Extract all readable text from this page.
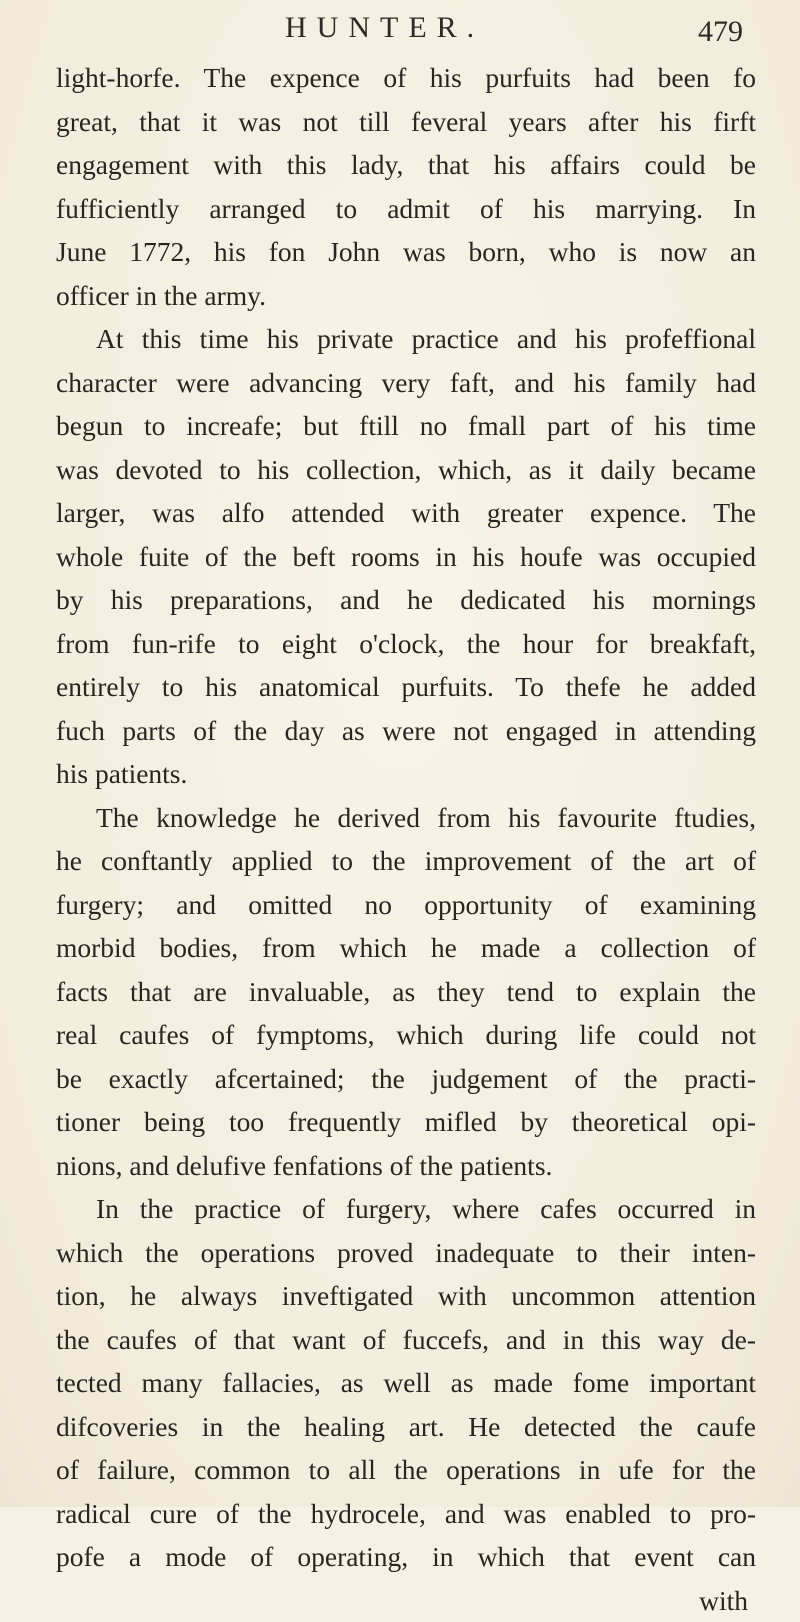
HUNTER.	479
light-horfe. The expence of his purfuits had been fo
great, that it was not till feveral years after his firft
engagement with this lady, that his affairs could be
fufficiently arranged to admit of his marrying. In
June 1772, his fon John was born, who is now an
officer in the army.
At this time his private practice and his profeffional
character were advancing very faft, and his family had
begun to increafe; but ftill no fmall part of his time
was devoted to his collection, which, as it daily became
larger, was alfo attended with greater expence. The
whole fuite of the beft rooms in his houfe was occupied
by his preparations, and he dedicated his mornings
from fun-rife to eight o'clock, the hour for breakfaft,
entirely to his anatomical purfuits. To thefe he added
fuch parts of the day as were not engaged in attending
his patients.
The knowledge he derived from his favourite ftudies,
he conftantly applied to the improvement of the art of
furgery; and omitted no opportunity of examining
morbid bodies, from which he made a collection of
facts that are invaluable, as they tend to explain the
real caufes of fymptoms, which during life could not
be exactly afcertained; the judgement of the practi-
tioner being too frequently mifled by theoretical opi-
nions, and delufive fenfations of the patients.
In the practice of furgery, where cafes occurred in
which the operations proved inadequate to their inten-
tion, he always inveftigated with uncommon attention
the caufes of that want of fuccefs, and in this way de-
tected many fallacies, as well as made fome important
difcoveries in the healing art. He detected the caufe
of failure, common to all the operations in ufe for the
radical cure of the hydrocele, and was enabled to pro-
pofe a mode of operating, in which that event can
with
